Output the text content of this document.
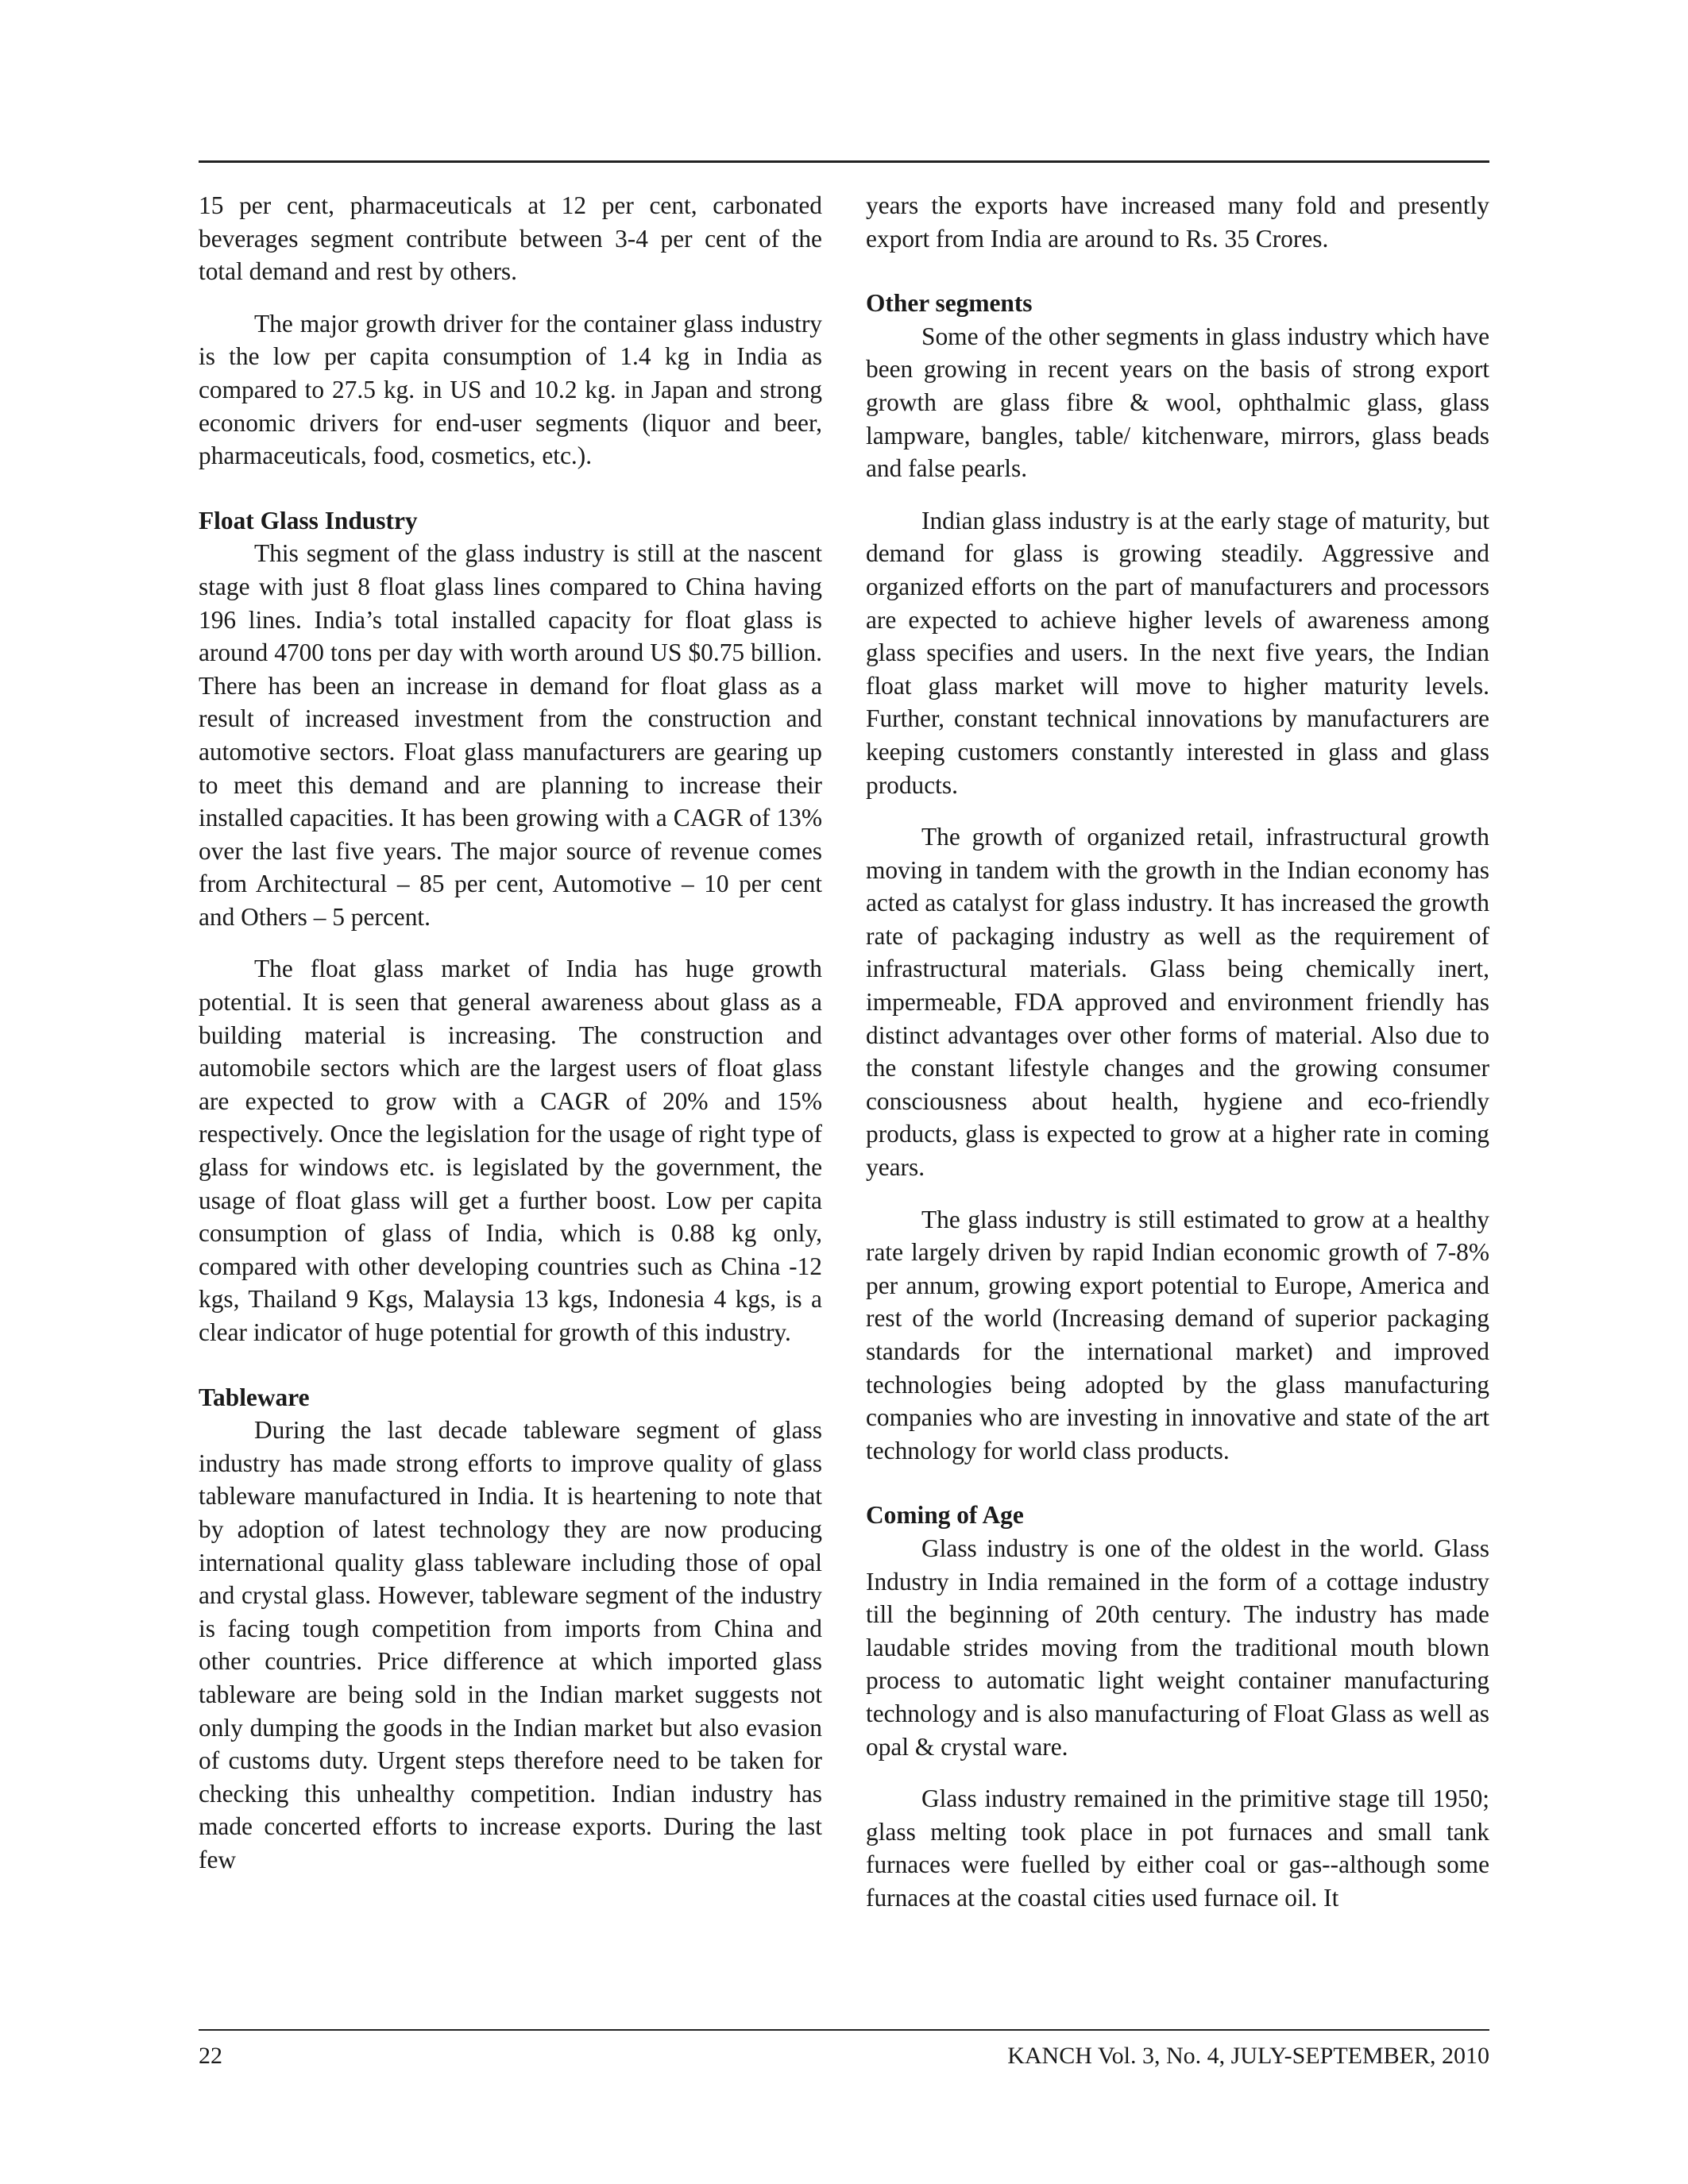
15 per cent, pharmaceuticals at 12 per cent, carbonated beverages segment contribute between 3-4 per cent of the total demand and rest by others.

The major growth driver for the container glass industry is the low per capita consumption of 1.4 kg in India as compared to 27.5 kg. in US and 10.2 kg. in Japan and strong economic drivers for end-user segments (liquor and beer, pharmaceuticals, food, cosmetics, etc.).

Float Glass Industry

This segment of the glass industry is still at the nascent stage with just 8 float glass lines compared to China having 196 lines. India’s total installed capacity for float glass is around 4700 tons per day with worth around US $0.75 billion. There has been an increase in demand for float glass as a result of increased investment from the construction and automotive sectors. Float glass manufacturers are gearing up to meet this demand and are planning to increase their installed capacities. It has been growing with a CAGR of 13% over the last five years. The major source of revenue comes from Architectural – 85 per cent, Automotive – 10 per cent and Others – 5 percent.

The float glass market of India has huge growth potential. It is seen that general awareness about glass as a building material is increasing. The construction and automobile sectors which are the largest users of float glass are expected to grow with a CAGR of 20% and 15% respectively. Once the legislation for the usage of right type of glass for windows etc. is legislated by the government, the usage of float glass will get a further boost. Low per capita consumption of glass of India, which is 0.88 kg only, compared with other developing countries such as China -12 kgs, Thailand 9 Kgs, Malaysia 13 kgs, Indonesia 4 kgs, is a clear indicator of huge potential for growth of this industry.

Tableware

During the last decade tableware segment of glass industry has made strong efforts to improve quality of glass tableware manufactured in India. It is heartening to note that by adoption of latest technology they are now producing international quality glass tableware including those of opal and crystal glass. However, tableware segment of the industry is facing tough competition from imports from China and other countries. Price difference at which imported glass tableware are being sold in the Indian market suggests not only dumping the goods in the Indian market but also evasion of customs duty. Urgent steps therefore need to be taken for checking this unhealthy competition. Indian industry has made concerted efforts to increase exports. During the last few

years the exports have increased many fold and presently export from India are around to Rs. 35 Crores.

Other segments

Some of the other segments in glass industry which have been growing in recent years on the basis of strong export growth are glass fibre & wool, ophthalmic glass, glass lampware, bangles, table/ kitchenware, mirrors, glass beads and false pearls.

Indian glass industry is at the early stage of maturity, but demand for glass is growing steadily. Aggressive and organized efforts on the part of manufacturers and processors are expected to achieve higher levels of awareness among glass specifies and users. In the next five years, the Indian float glass market will move to higher maturity levels. Further, constant technical innovations by manufacturers are keeping customers constantly interested in glass and glass products.

The growth of organized retail, infrastructural growth moving in tandem with the growth in the Indian economy has acted as catalyst for glass industry. It has increased the growth rate of packaging industry as well as the requirement of infrastructural materials. Glass being chemically inert, impermeable, FDA approved and environment friendly has distinct advantages over other forms of material. Also due to the constant lifestyle changes and the growing consumer consciousness about health, hygiene and eco-friendly products, glass is expected to grow at a higher rate in coming years.

The glass industry is still estimated to grow at a healthy rate largely driven by rapid Indian economic growth of 7-8% per annum, growing export potential to Europe, America and rest of the world (Increasing demand of superior packaging standards for the international market) and improved technologies being adopted by the glass manufacturing companies who are investing in innovative and state of the art technology for world class products.

Coming of Age

Glass industry is one of the oldest in the world. Glass Industry in India remained in the form of a cottage industry till the beginning of 20th century. The industry has made laudable strides moving from the traditional mouth blown process to automatic light weight container manufacturing technology and is also manufacturing of Float Glass as well as opal & crystal ware.

Glass industry remained in the primitive stage till 1950; glass melting took place in pot furnaces and small tank furnaces were fuelled by either coal or gas--although some furnaces at the coastal cities used furnace oil. It

22	KANCH Vol. 3, No. 4, JULY-SEPTEMBER, 2010
